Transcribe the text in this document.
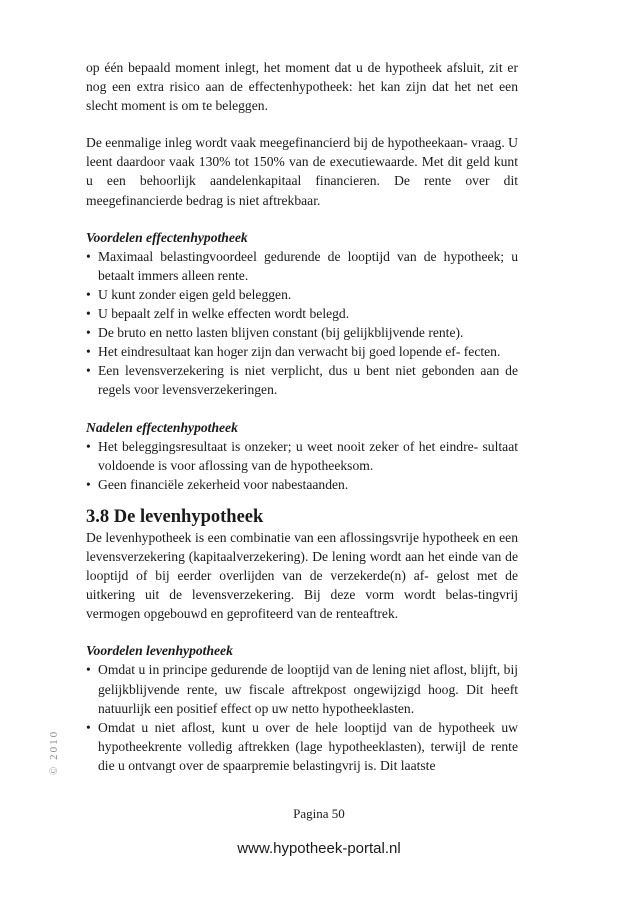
op één bepaald moment inlegt, het moment dat u de hypotheek afsluit, zit er nog een extra risico aan de effectenhypotheek: het kan zijn dat het net een slecht moment is om te beleggen.

De eenmalige inleg wordt vaak meegefinancierd bij de hypotheekaan- vraag. U leent daardoor vaak 130% tot 150% van de executiewaarde. Met dit geld kunt u een behoorlijk aandelenkapitaal financieren. De rente over dit meegefinancierde bedrag is niet aftrekbaar.

Voordelen effectenhypotheek

• Maximaal belastingvoordeel gedurende de looptijd van de hypotheek; u betaalt immers alleen rente.
• U kunt zonder eigen geld beleggen.
• U bepaalt zelf in welke effecten wordt belegd.
• De bruto en netto lasten blijven constant (bij gelijkblijvende rente).
• Het eindresultaat kan hoger zijn dan verwacht bij goed lopende ef- fecten.
• Een levensverzekering is niet verplicht, dus u bent niet gebonden aan de regels voor levensverzekeringen.

Nadelen effectenhypotheek

• Het beleggingsresultaat is onzeker; u weet nooit zeker of het eindre- sultaat voldoende is voor aflossing van de hypotheeksom.
• Geen financiële zekerheid voor nabestaanden.

3.8 De levenhypotheek

De levenhypotheek is een combinatie van een aflossingsvrije hypotheek en een levensverzekering (kapitaalverzekering). De lening wordt aan het einde van de looptijd of bij eerder overlijden van de verzekerde(n) af- gelost met de uitkering uit de levensverzekering. Bij deze vorm wordt belas-tingvrij vermogen opgebouwd en geprofiteerd van de renteaftrek.

Voordelen levenhypotheek

• Omdat u in principe gedurende de looptijd van de lening niet aflost, blijft, bij gelijkblijvende rente, uw fiscale aftrekpost ongewijzigd hoog. Dit heeft natuurlijk een positief effect op uw netto hypotheeklasten.
• Omdat u niet aflost, kunt u over de hele looptijd van de hypotheek uw hypotheekrente volledig aftrekken (lage hypotheeklasten), terwijl de rente die u ontvangt over de spaarpremie belastingvrij is. Dit laatste
© 2010
Pagina 50
www.hypotheek-portal.nl
